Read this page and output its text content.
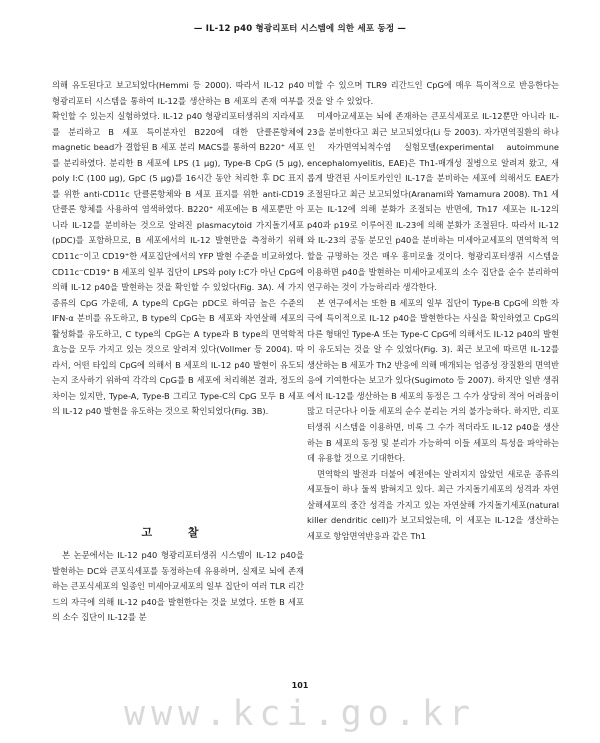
— IL-12 p40 형광리포터 시스템에 의한 세포 동정 —

의해 유도된다고 보고되었다(Hemmi 등 2000). 따라서 IL-12 p40 형광리포터 시스템을 통하여 IL-12를 생산하는 B 세포의 존재 여부를 확인할 수 있는지 실험하였다. IL-12 p40 형광리포터생쥐의 지라세포를 분리하고 B 세포 특이분자인 B220에 대한 단클론항체에 magnetic bead가 결합된 B 세포 분리 MACS를 통하여 B220⁺ 세포를 분리하였다. 분리한 B 세포에 LPS (1 μg), Type-B CpG (5 μg), poly I:C (100 μg), GpC (5 μg)를 16시간 동안 처리한 후 DC 표지를 위한 anti-CD11c 단클론항체와 B 세포 표지를 위한 anti-CD19 단클론 항체를 사용하여 염색하였다. B220⁺ 세포에는 B 세포뿐만 아니라 IL-12를 분비하는 것으로 알려진 plasmacytoid 가지돌기세포(pDC)를 포함하므로, B 세포에서의 IL-12 발현만을 측정하기 위해 CD11c⁻이고 CD19⁺한 세포집단에서의 YFP 발현 수준을 비교하였다. CD11c⁻CD19⁺ B 세포의 일부 집단이 LPS와 poly I:C가 아닌 CpG에 의해 IL-12 p40을 발현하는 것을 확인할 수 있었다(Fig. 3A). 세 가지 종류의 CpG 가운데, A type의 CpG는 pDC로 하여금 높은 수준의 IFN-α 분비를 유도하고, B type의 CpG는 B 세포와 자연살해 세포의 활성화를 유도하고, C type의 CpG는 A type과 B type의 면역학적 효능을 모두 가지고 있는 것으로 알려져 있다(Vollmer 등 2004). 따라서, 어떤 타입의 CpG에 의해서 B 세포의 IL-12 p40 발현이 유도되는지 조사하기 위하여 각각의 CpG를 B 세포에 처리해본 결과, 정도의 차이는 있지만, Type-A, Type-B 그리고 Type-C의 CpG 모두 B 세포의 IL-12 p40 발현을 유도하는 것으로 확인되었다(Fig. 3B).

고 찰

본 논문에서는 IL-12 p40 형광리포터생쥐 시스템이 IL-12 p40을 발현하는 DC와 큰포식세포를 동정하는데 유용하며, 실제로 뇌에 존재하는 큰포식세포의 일종인 미세아교세포의 일부 집단이 여러 TLR 리간드의 자극에 의해 IL-12 p40을 발현한다는 것을 보였다. 또한 B 세포의 소수 집단이 IL-12를 분

비할 수 있으며 TLR9 리간드인 CpG에 매우 특이적으로 반응한다는 것을 알 수 있었다.

미세아교세포는 뇌에 존재하는 큰포식세포로 IL-12뿐만 아니라 IL-23을 분비한다고 최근 보고되었다(Li 등 2003). 자가면역질환의 하나인 자가면역뇌척수염 실험모델(experimental autoimmune encephalomyelitis, EAE)은 Th1-매개성 질병으로 알려져 왔고, 새롭게 발견된 사이토카인인 IL-17을 분비하는 세포에 의해서도 EAE가 조절된다고 최근 보고되었다(Aranami와 Yamamura 2008). Th1 세포는 IL-12에 의해 분화가 조절되는 반면에, Th17 세포는 IL-12의 p40과 p19로 이루어진 IL-23에 의해 분화가 조절된다. 따라서 IL-12와 IL-23의 공동 분모인 p40을 분비하는 미세아교세포의 면역학적 역할을 규명하는 것은 매우 흥미로울 것이다. 형광리포터생쥐 시스템을 이용하면 p40을 발현하는 미세아교세포의 소수 집단을 순수 분리하여 연구하는 것이 가능하리라 생각한다.

본 연구에서는 또한 B 세포의 일부 집단이 Type-B CpG에 의한 자극에 특이적으로 IL-12 p40을 발현한다는 사실을 확인하였고 CpG의 다른 형태인 Type-A 또는 Type-C CpG에 의해서도 IL-12 p40의 발현이 유도되는 것을 알 수 있었다(Fig. 3). 최근 보고에 따르면 IL-12를 생산하는 B 세포가 Th2 반응에 의해 매개되는 엄증성 장질환의 면역반응에 기여한다는 보고가 있다(Sugimoto 등 2007). 하지만 일반 생쥐에서 IL-12를 생산하는 B 세포의 동정은 그 수가 상당히 적어 어려움이 많고 더군다나 이들 세포의 순수 분리는 거의 불가능하다. 하지만, 리포터생쥐 시스템을 이용하면, 비록 그 수가 적더라도 IL-12 p40을 생산하는 B 세포의 동정 및 분리가 가능하여 이들 세포의 특성을 파악하는 데 유용할 것으로 기대한다.

면역학의 발전과 더불어 예전에는 알려지지 않았던 새로운 종류의 세포들이 하나 둘씩 밝혀지고 있다. 최근 가지돌기세포의 성격과 자연살해세포의 중간 성격을 가지고 있는 자연살해 가지돌기세포(natural killer dendritic cell)가 보고되었는데, 이 세포는 IL-12을 생산하는 세포로 항암면역반응과 같은 Th1

101
www.kci.go.kr
